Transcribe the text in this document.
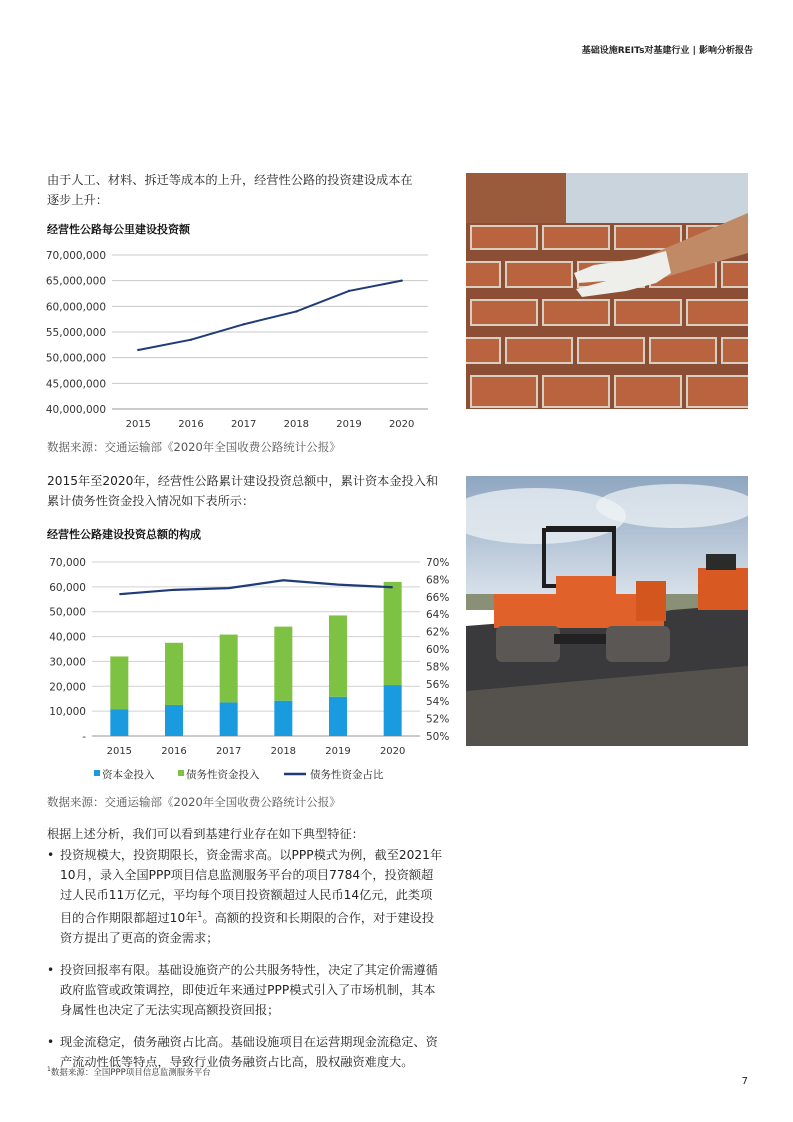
基础设施REITs对基建行业 | 影响分析报告
由于人工、材料、拆迁等成本的上升，经营性公路的投资建设成本在逐步上升：
经营性公路每公里建设投资额
70,000,000
65,000,000
60,000,000
55,000,000
50,000,000
45,000,000
40,000,000
2015	2016	2017	2018	2019	2020
数据来源：交通运输部《2020年全国收费公路统计公报》
2015年至2020年，经营性公路累计建设投资总额中，累计资本金投入和累计债务性资金投入情况如下表所示：
经营性公路建设投资总额的构成
70,000
60,000
50,000
40,000
30,000
20,000
10,000
-
70%
68%
66%
64%
62%
60%
58%
56%
54%
52%
50%
2015	2016	2017	2018	2019	2020
资本金投入	债务性资金投入	债务性资金占比
数据来源：交通运输部《2020年全国收费公路统计公报》
根据上述分析，我们可以看到基建行业存在如下典型特征：
• 投资规模大，投资期限长，资金需求高。以PPP模式为例，截至2021年10月，录入全国PPP项目信息监测服务平台的项目7784个，投资额超过人民币11万亿元，平均每个项目投资额超过人民币14亿元，此类项目的合作期限都超过10年$^1$。高额的投资和长期限的合作，对于建设投资方提出了更高的资金需求；
• 投资回报率有限。基础设施资产的公共服务特性，决定了其定价需遵循政府监管或政策调控，即使近年来通过PPP模式引入了市场机制，其本身属性也决定了无法实现高额投资回报；
• 现金流稳定，债务融资占比高。基础设施项目在运营期现金流稳定、资产流动性低等特点，导致行业债务融资占比高，股权融资难度大。
$^1$数据来源：全国PPP项目信息监测服务平台
7
